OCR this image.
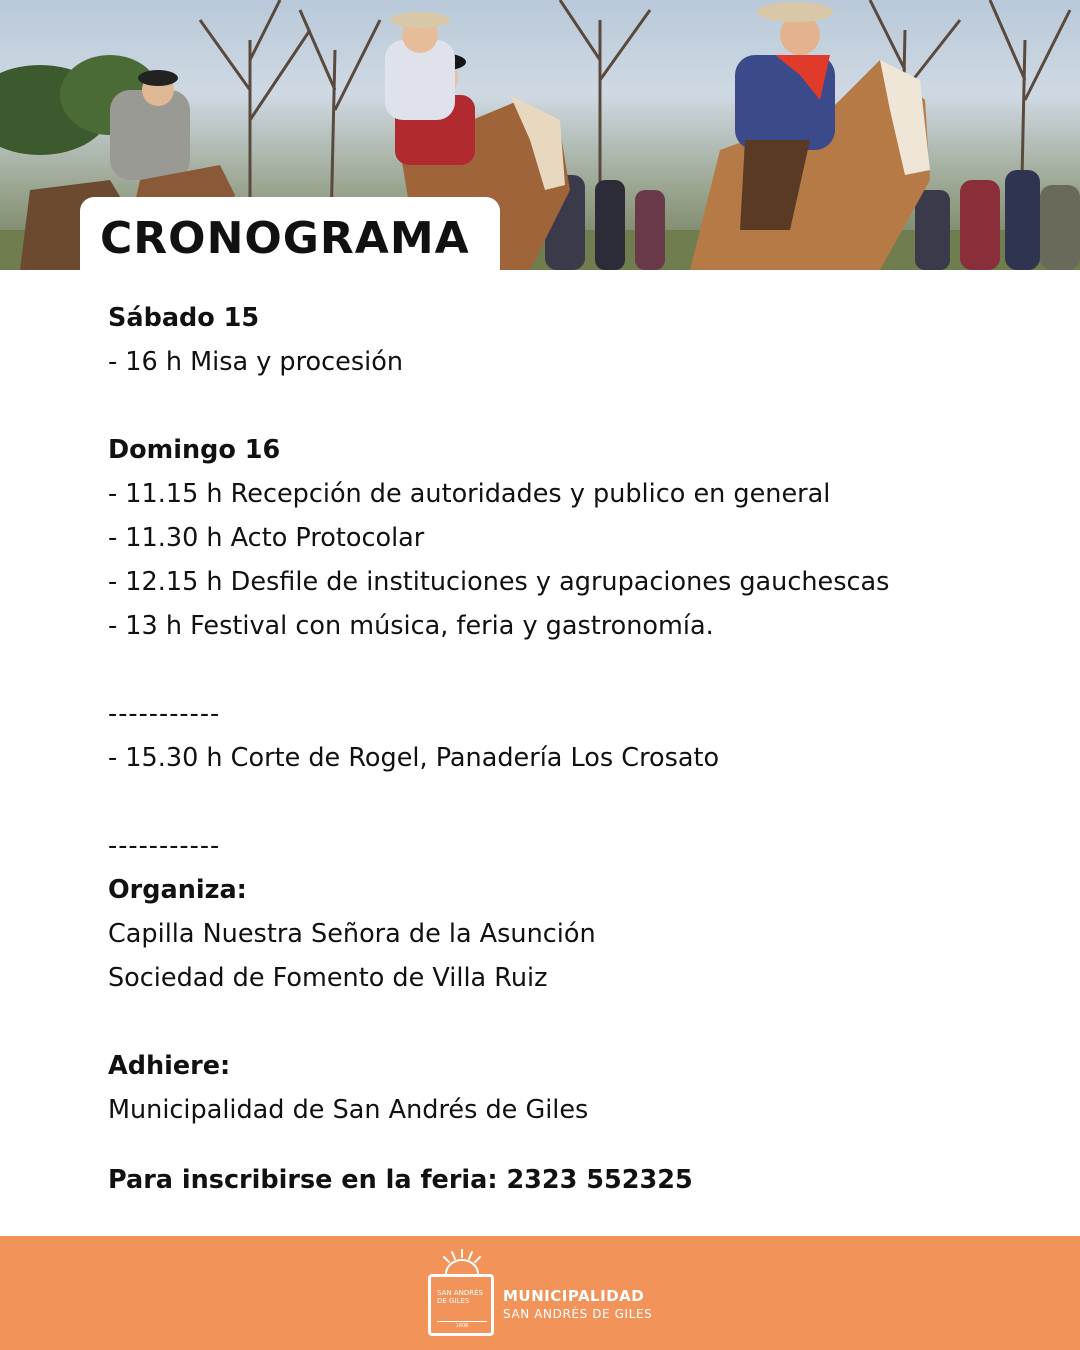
CRONOGRAMA
Sábado 15
- 16 h Misa y procesión
Domingo 16
- 11.15 h Recepción de autoridades y publico en general
- 11.30 h Acto Protocolar
- 12.15 h Desfile de instituciones y agrupaciones gauchescas
- 13 h Festival con música, feria y gastronomía.
-----------
- 15.30 h Corte de Rogel, Panadería Los Crosato
-----------
Organiza:
Capilla Nuestra Señora de la Asunción
Sociedad de Fomento de Villa Ruiz
Adhiere:
Municipalidad de San Andrés de Giles
Para inscribirse en la feria: 2323 552325
SAN ANDRÉS DE GILES
1806
MUNICIPALIDAD
SAN ANDRÉS DE GILES
